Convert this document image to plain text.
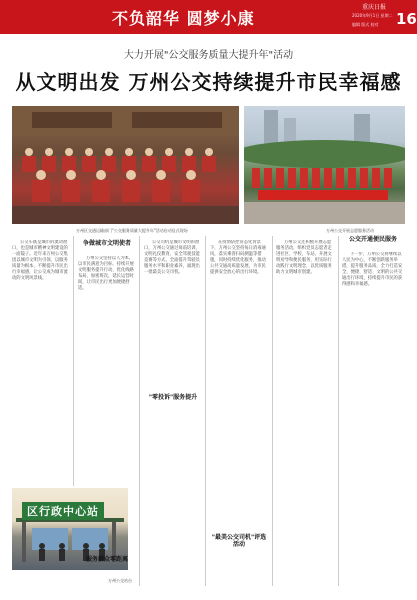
不负韶华 圆梦小康
重庆日报
2020年9月1日 星期二
编辑 版式 校对 16
大力开展"公交服务质量大提升年"活动
从文明出发 万州公交持续提升市民幸福感
万州区交通运输部门"公交服务质量大提升年"活动启动仪式现场	万州公交开展志愿服务活动
公交车既是城市的流动窗口，也是城市精神文明建设的一面镜子。近年来万州公交集团以城市文明为引领，以服务质量为根本，不断提升市民出行幸福感，让公交成为城市流动的文明风景线。
争做城市文明使者
万州公交坚持以人为本，以市民满意为目标，持续开展文明服务提升行动，优化线路布局，加密班次，延长运营时间，让市民出行更加便捷舒适。
公交司机是城市文明的窗口，万州公交通过岗前培训、文明礼仪教育、安全驾驶技能竞赛等方式，全面提升驾驶员服务水平和职业素养，涌现出一批最美公交司机。
"零投诉"服务提升
在疫情防控常态化背景下，万州公交坚持每日消毒通风，落实乘客扫码测温等措施，同时持续优化服务，推动公共交通高质量发展，为市民提供安全放心的出行环境。
"最美公交司机"评选活动
万州公交还积极开展志愿服务活动，组织党员志愿者走进社区、学校、车站，开展文明劝导和便民服务，用实际行动践行文明理念，以优质服务助力文明城市创建。
公交开通便民服务
下一步，万州公交将继续以人民为中心，不断创新服务举措，提升服务品质，全力打造安全、便捷、舒适、文明的公共交通出行环境，持续提升市民的获得感和幸福感。
区行政中心站
服务群众零距离
万州公交站台
